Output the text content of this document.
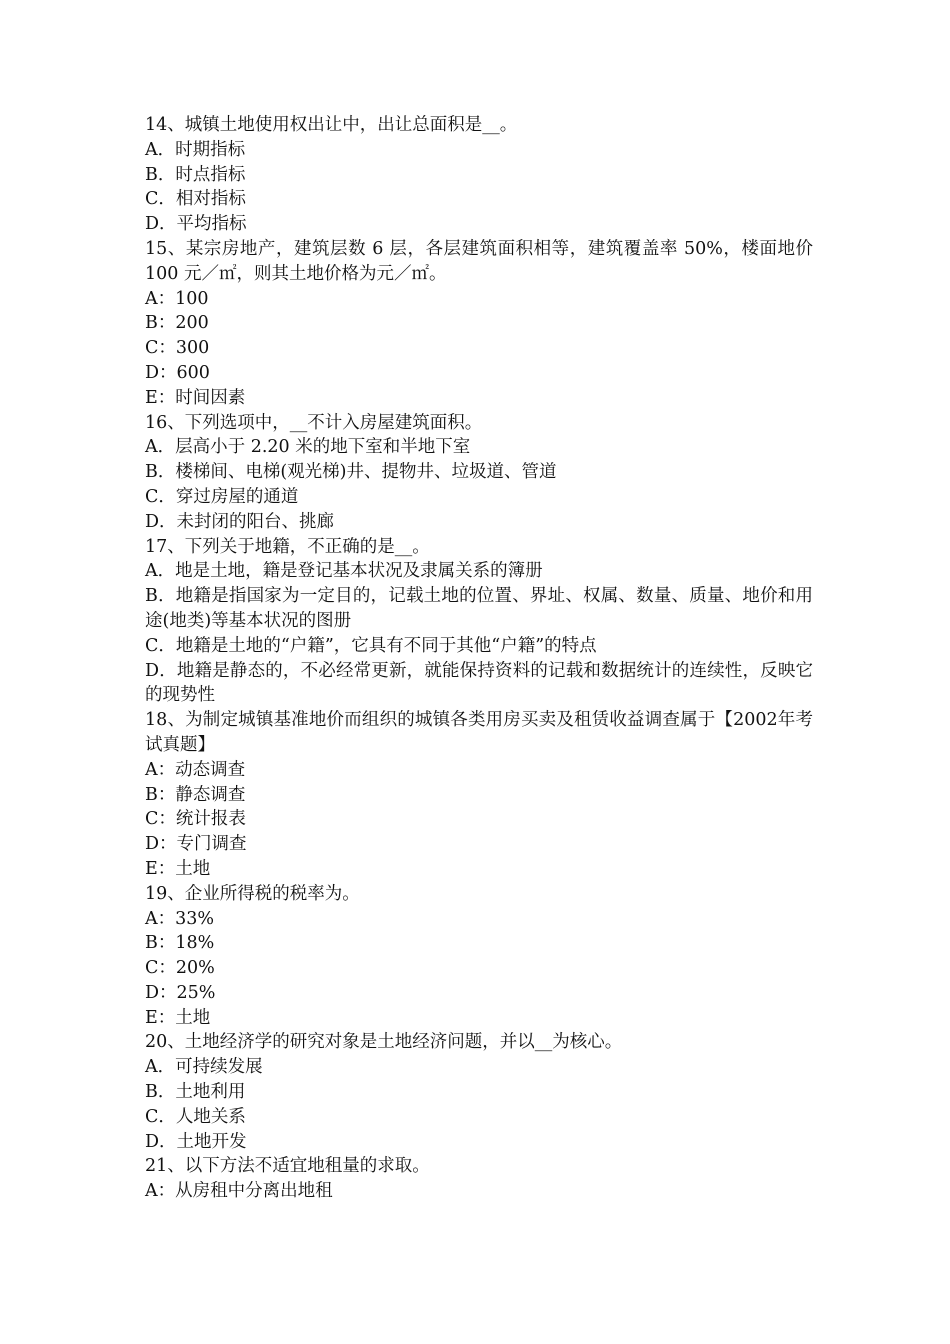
14、城镇土地使用权出让中，出让总面积是__。
A．时期指标
B．时点指标
C．相对指标
D．平均指标
15、某宗房地产，建筑层数 6 层，各层建筑面积相等，建筑覆盖率 50%，楼面地价 100 元／㎡，则其土地价格为元／㎡。
A：100
B：200
C：300
D：600
E：时间因素
16、下列选项中，__不计入房屋建筑面积。
A．层高小于 2.20 米的地下室和半地下室
B．楼梯间、电梯(观光梯)井、提物井、垃圾道、管道
C．穿过房屋的通道
D．未封闭的阳台、挑廊
17、下列关于地籍，不正确的是__。
A．地是土地，籍是登记基本状况及隶属关系的簿册
B．地籍是指国家为一定目的，记载土地的位置、界址、权属、数量、质量、地价和用途(地类)等基本状况的图册
C．地籍是土地的“户籍”，它具有不同于其他“户籍”的特点
D．地籍是静态的，不必经常更新，就能保持资料的记载和数据统计的连续性，反映它的现势性
18、为制定城镇基准地价而组织的城镇各类用房买卖及租赁收益调查属于【2002年考试真题】
A：动态调查
B：静态调查
C：统计报表
D：专门调查
E：土地
19、企业所得税的税率为。
A：33%
B：18%
C：20%
D：25%
E：土地
20、土地经济学的研究对象是土地经济问题，并以__为核心。
A．可持续发展
B．土地利用
C．人地关系
D．土地开发
21、以下方法不适宜地租量的求取。
A：从房租中分离出地租
